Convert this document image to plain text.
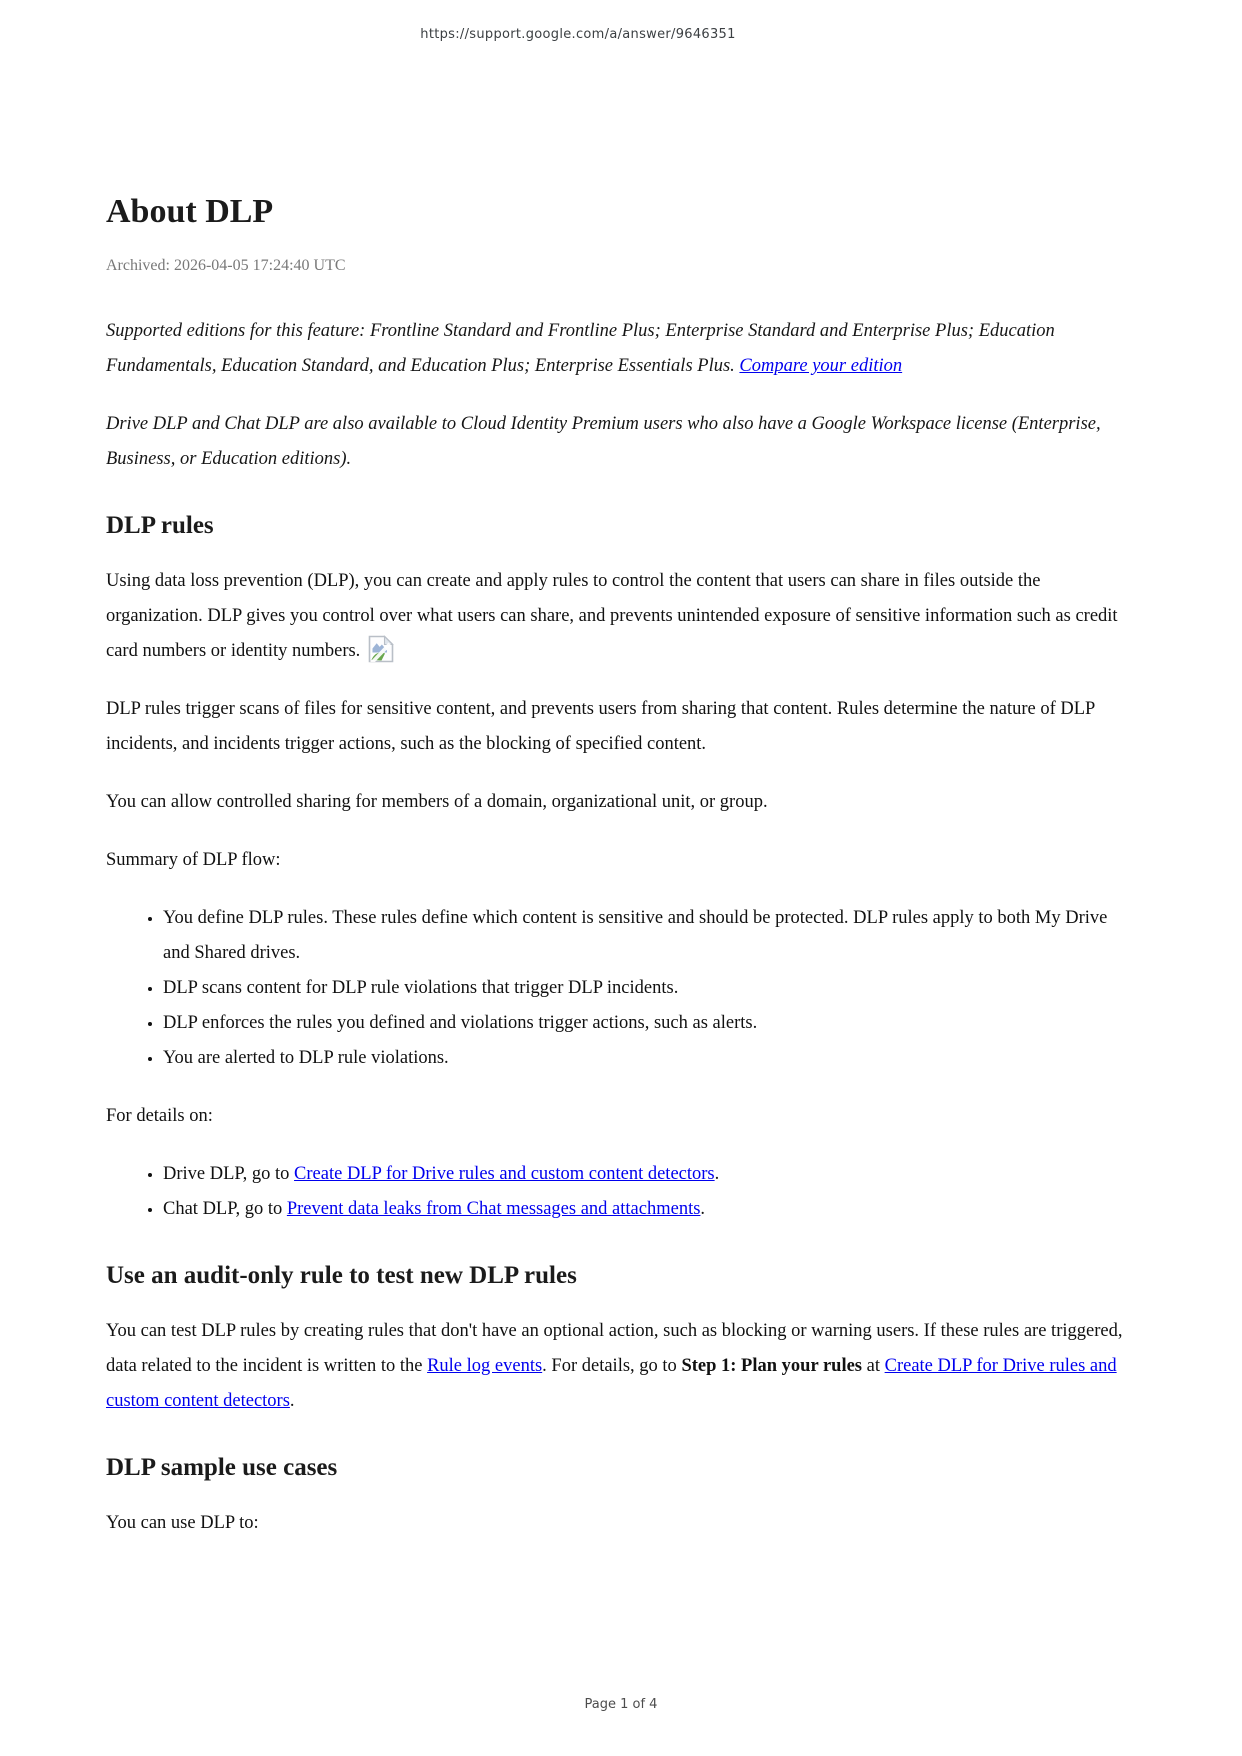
https://support.google.com/a/answer/9646351
About DLP

Archived: 2026-04-05 17:24:40 UTC

Supported editions for this feature: Frontline Standard and Frontline Plus; Enterprise Standard and Enterprise Plus; Education Fundamentals, Education Standard, and Education Plus; Enterprise Essentials Plus. Compare your edition

Drive DLP and Chat DLP are also available to Cloud Identity Premium users who also have a Google Workspace license (Enterprise, Business, or Education editions).

DLP rules

Using data loss prevention (DLP), you can create and apply rules to control the content that users can share in files outside the organization. DLP gives you control over what users can share, and prevents unintended exposure of sensitive information such as credit card numbers or identity numbers.

DLP rules trigger scans of files for sensitive content, and prevents users from sharing that content. Rules determine the nature of DLP incidents, and incidents trigger actions, such as the blocking of specified content.

You can allow controlled sharing for members of a domain, organizational unit, or group.

Summary of DLP flow:

• You define DLP rules. These rules define which content is sensitive and should be protected. DLP rules apply to both My Drive and Shared drives.
• DLP scans content for DLP rule violations that trigger DLP incidents.
• DLP enforces the rules you defined and violations trigger actions, such as alerts.
• You are alerted to DLP rule violations.

For details on:

• Drive DLP, go to Create DLP for Drive rules and custom content detectors.
• Chat DLP, go to Prevent data leaks from Chat messages and attachments.
Use an audit-only rule to test new DLP rules

You can test DLP rules by creating rules that don't have an optional action, such as blocking or warning users. If these rules are triggered, data related to the incident is written to the Rule log events. For details, go to Step 1: Plan your rules at Create DLP for Drive rules and custom content detectors.

DLP sample use cases

You can use DLP to:

Page 1 of 4
